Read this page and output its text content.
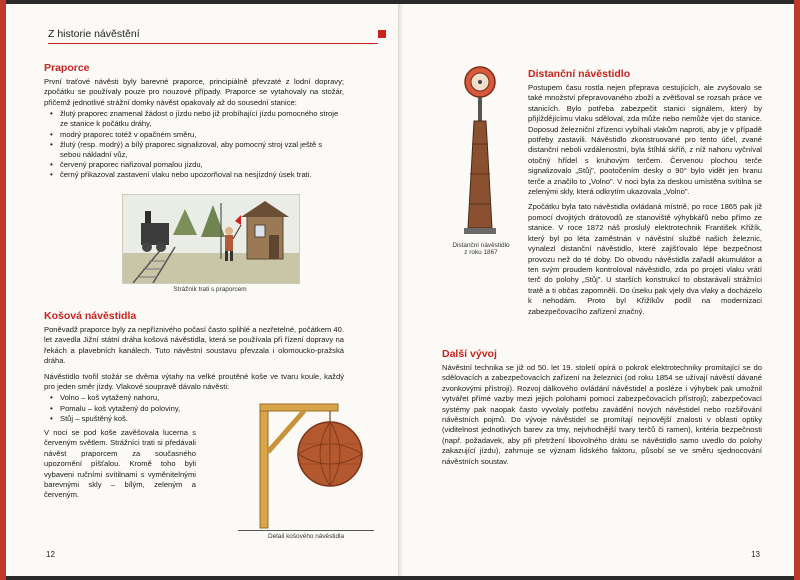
Z historie návěstění
Praporce

První traťové návěsti byly barevné praporce, principiálně převzaté z lodní dopravy; zpočátku se používaly pouze pro nouzové případy. Praporce se vytahovaly na stožár, přičemž jednotlivé strážní domky návěst opakovaly až do sousední stanice:

• žlutý praporec znamenal žádost o jízdu nebo již probíhající jízdu pomocného stroje ze stanice k počátku dráhy,
• modrý praporec totéž v opačném směru,
• žlutý (resp. modrý) a bílý praporec signalizoval, aby pomocný stroj vzal ještě s sebou nákladní vůz,
• červený praporec nařizoval pomalou jízdu,
• černý přikazoval zastavení vlaku nebo upozorňoval na nesjízdný úsek trati.
Strážník trati s praporcem
Košová návěstidla

Poněvadž praporce byly za nepříznivého počasí často splihlé a nezřetelné, počátkem 40. let zavedla Jižní státní dráha košová návěstidla, která se používala při řízení dopravy na řekách a plavebních kanálech. Tuto návěstní soustavu převzala i olomoucko-pražská dráha.

Návěstidlo tvořil stožár se dvěma výtahy na velké proutěné koše ve tvaru koule, každý pro jeden směr jízdy. Vlakové soupravě dávalo návěsti:

• Volno – koš vytažený nahoru,
• Pomalu – koš vytažený do poloviny,
• Stůj – spuštěný koš.

V noci se pod koše zavěšovala lucerna s červeným světlem. Strážníci trati si předávali návěst praporcem za současného upozornění píšťalou. Kromě toho byli vybaveni ručními svítilnami s vyměnitelnými barevnými skly – bílým, zeleným a červeným.

Detail košového návěstidla
12
Distanční návěstidlo
z roku 1867
Distanční návěstidlo

Postupem času rostla nejen přeprava cestujících, ale zvyšovalo se také množství přepravovaného zboží a zvětšoval se rozsah práce ve stanicích. Bylo potřeba zabezpečit stanici signálem, který by přijíždějícímu vlaku sděloval, zda může nebo nemůže vjet do stanice. Doposud železniční zřízenci vybíhali vlakům naproti, aby je v případě potřeby zastavili. Návěstidlo zkonstruované pro tento účel, zvané distanční neboli vzdálenostní, byla štíhlá skříň, z níž nahoru vyčníval otočný hřídel s kruhovým terčem. Červenou plochou terče signalizovalo „Stůj", pootočením desky o 90° bylo vidět jen hranu terče a značilo to „Volno". V noci byla za deskou umístěna svítilna se zelenými skly, která odkrytím ukazovala „Volno".

Zpočátku byla tato návěstidla ovládaná místně, po roce 1865 pak již pomocí dvojitých drátovodů ze stanoviště výhybkářů nebo přímo ze stanice. V roce 1872 náš proslulý elektrotechnik František Křižík, který byl po léta zaměstnán v návěstní službě našich železnic, vynalezl distanční návěstidlo, které zajišťovalo lépe bezpečnost provozu než do té doby. Do obvodu návěstidla zařadil akumulátor a ten svým proudem kontroloval návěstidlo, zda po projetí vlaku vrátí terč do polohy „Stůj". U starších konstrukcí to obstarávali strážníci tratě a ti občas zapomněli. Do úseku pak vjely dva vlaky a docházelo k nehodám. Proto byl Křižíkův podíl na modernizaci zabezpečovacího zařízení značný.

Další vývoj

Návěstní technika se již od 50. let 19. století opírá o pokrok elektrotechniky promítající se do sdělovacích a zabezpečovacích zařízení na železnici (od roku 1854 se užívají návěstí dávané zvonkovými přístroji). Rozvoj dálkového ovládání návěstidel a posléze i výhybek pak umožnil vytvářet přímé vazby mezi jejich polohami pomocí zabezpečovacích přístrojů; zabezpečovací systémy pak naopak často vyvolaly potřebu zavádění nových návěstidel nebo rozšiřování návěstních pojmů. Do vývoje návěstidel se promítají nejnovější znalosti v oblasti optiky (viditelnost jednotlivých barev za tmy, nejvhodnější tvary terčů či ramen), kritéria bezpečnosti (např. požadavek, aby při přetržení libovolného drátu se návěstidlo samo uvedlo do polohy zakazující jízdu), zahrnuje se význam lidského faktoru, působí se ve směru sjednocování návěstních soustav.

13
